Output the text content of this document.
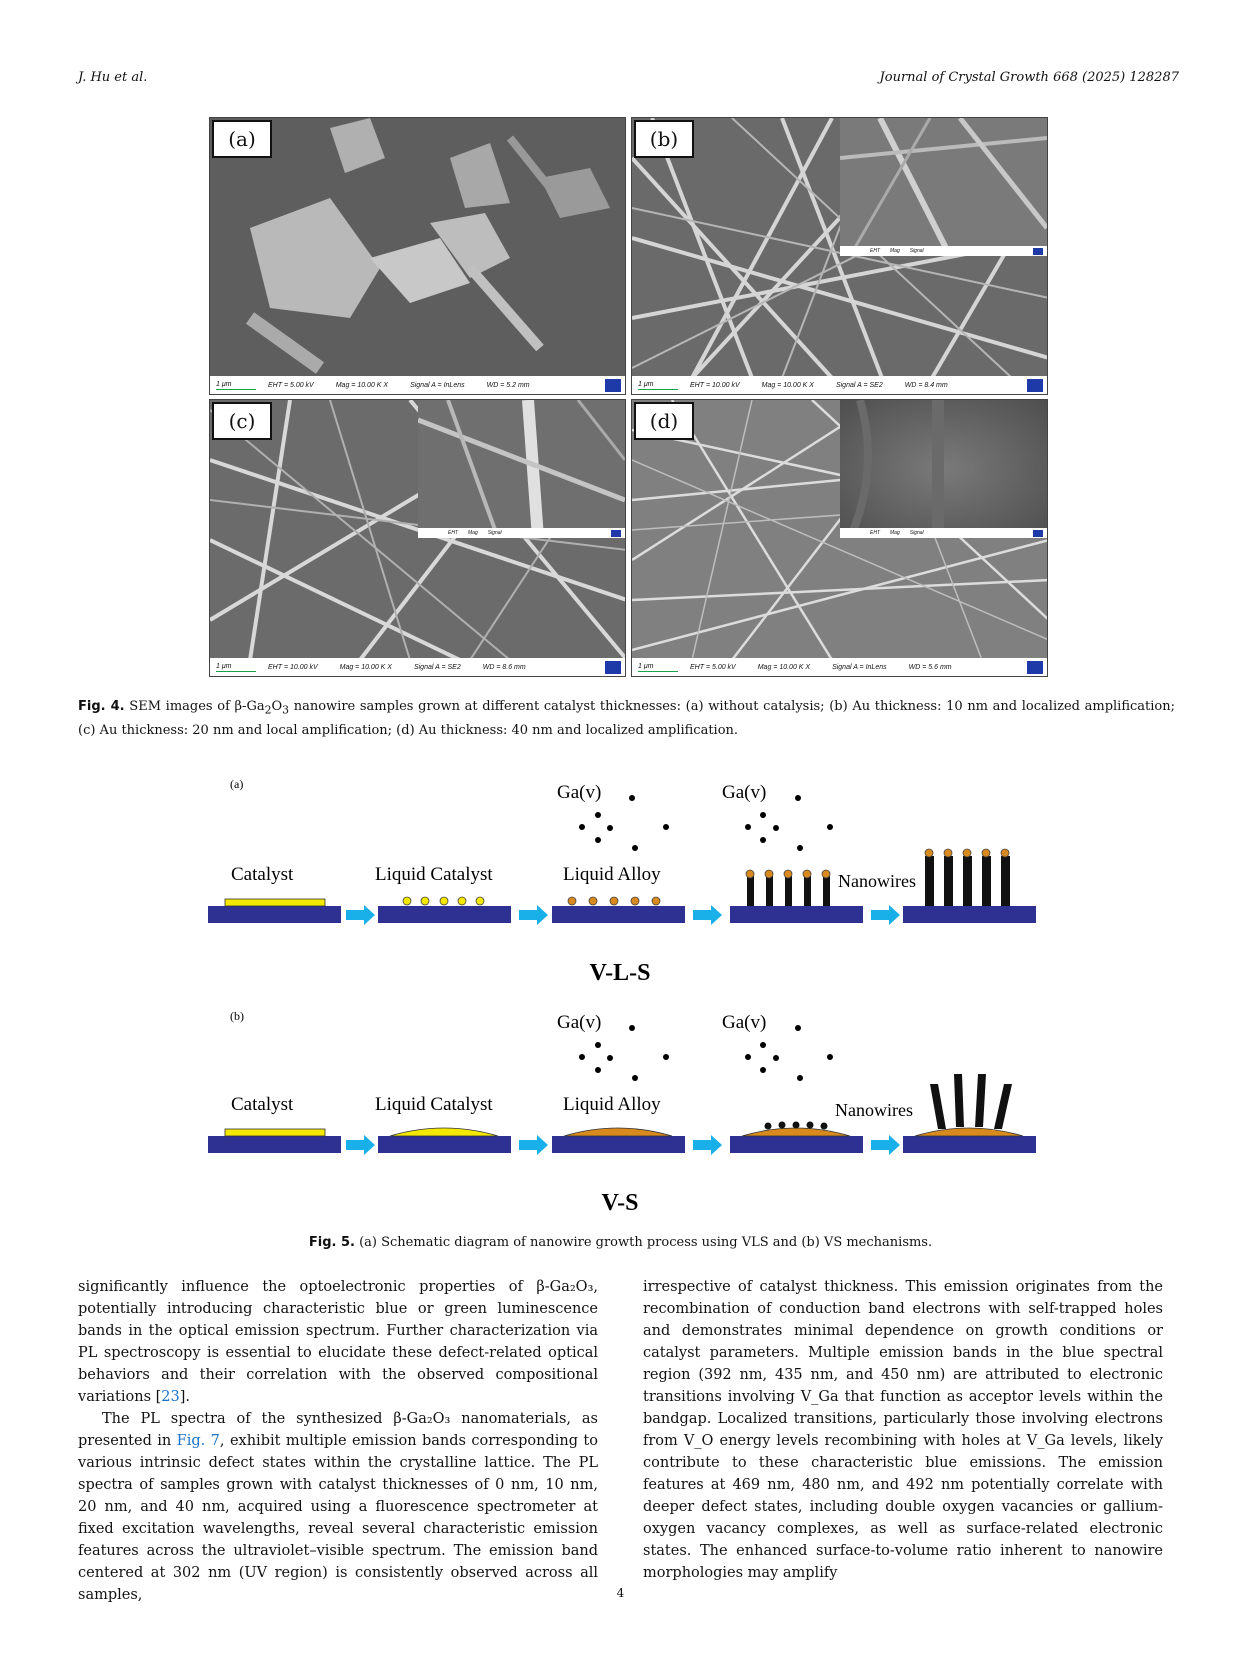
J. Hu et al.	Journal of Crystal Growth 668 (2025) 128287
(a)
EHT = 5.00 kV	Mag = 10.00 K X	Signal A = InLens	WD = 5.2 mm
1 μm
EHT Mag Signal
(b)
EHT = 10.00 kV	Mag = 10.00 K X	Signal A = SE2	WD = 8.4 mm
1 μm
EHT Mag Signal
(c)
EHT = 10.00 kV	Mag = 10.00 K X	Signal A = SE2	WD = 8.6 mm
1 μm
EHT Mag Signal
(d)
EHT = 5.00 kV	Mag = 10.00 K X	Signal A = InLens	WD = 5.6 mm
1 μm
Fig. 4. SEM images of $\beta-Ga_2O_3$ nanowire samples grown at different catalyst thicknesses: (a) without catalysis; (b) Au thickness: 10 nm and localized amplification; (c) Au thickness: 20 nm and local amplification; (d) Au thickness: 40 nm and localized amplification.
(a)	Ga(v)	Ga(v)
Catalyst	Liquid Catalyst	Liquid Alloy	Nanowires
V-L-S
(b)	Ga(v)	Ga(v)
Catalyst	Liquid Catalyst	Liquid Alloy	Nanowires
V-S
Fig. 5. (a) Schematic diagram of nanowire growth process using VLS and (b) VS mechanisms.

significantly influence the optoelectronic properties of β-Ga₂O₃, potentially introducing characteristic blue or green luminescence bands in the optical emission spectrum. Further characterization via PL spectroscopy is essential to elucidate these defect-related optical behaviors and their correlation with the observed compositional variations [23].

The PL spectra of the synthesized β-Ga₂O₃ nanomaterials, as presented in Fig. 7, exhibit multiple emission bands corresponding to various intrinsic defect states within the crystalline lattice. The PL spectra of samples grown with catalyst thicknesses of 0 nm, 10 nm, 20 nm, and 40 nm, acquired using a fluorescence spectrometer at fixed excitation wavelengths, reveal several characteristic emission features across the ultraviolet–visible spectrum. The emission band centered at 302 nm (UV region) is consistently observed across all samples,

irrespective of catalyst thickness. This emission originates from the recombination of conduction band electrons with self-trapped holes and demonstrates minimal dependence on growth conditions or catalyst parameters. Multiple emission bands in the blue spectral region (392 nm, 435 nm, and 450 nm) are attributed to electronic transitions involving V_Ga that function as acceptor levels within the bandgap. Localized transitions, particularly those involving electrons from V_O energy levels recombining with holes at V_Ga levels, likely contribute to these characteristic blue emissions. The emission features at 469 nm, 480 nm, and 492 nm potentially correlate with deeper defect states, including double oxygen vacancies or gallium-oxygen vacancy complexes, as well as surface-related electronic states. The enhanced surface-to-volume ratio inherent to nanowire morphologies may amplify

4
